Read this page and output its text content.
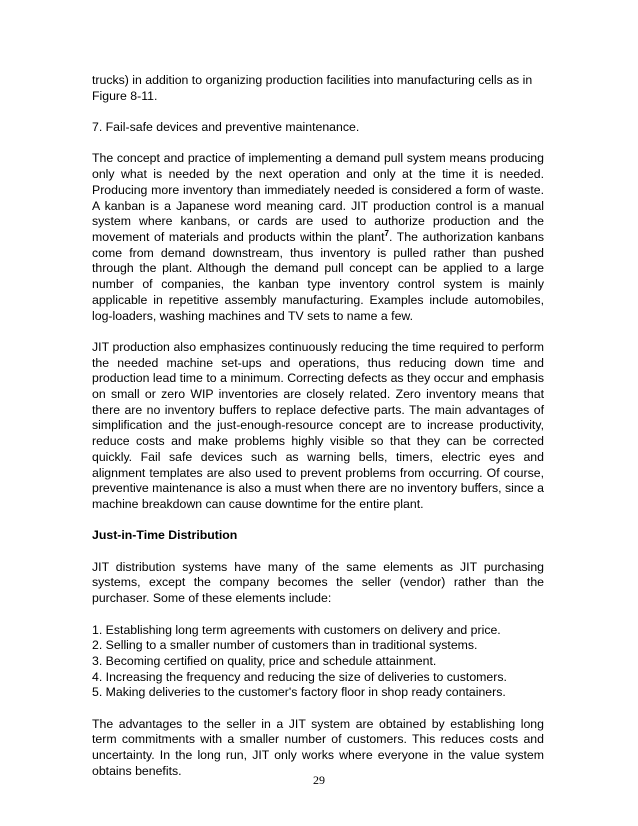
trucks) in addition to organizing production facilities into manufacturing cells as in Figure 8-11.

7. Fail-safe devices and preventive maintenance.

The concept and practice of implementing a demand pull system means producing only what is needed by the next operation and only at the time it is needed. Producing more inventory than immediately needed is considered a form of waste. A kanban is a Japanese word meaning card. JIT production control is a manual system where kanbans, or cards are used to authorize production and the movement of materials and products within the plant$^7$. The authorization kanbans come from demand downstream, thus inventory is pulled rather than pushed through the plant. Although the demand pull concept can be applied to a large number of companies, the kanban type inventory control system is mainly applicable in repetitive assembly manufacturing. Examples include automobiles, log-loaders, washing machines and TV sets to name a few.

JIT production also emphasizes continuously reducing the time required to perform the needed machine set-ups and operations, thus reducing down time and production lead time to a minimum. Correcting defects as they occur and emphasis on small or zero WIP inventories are closely related. Zero inventory means that there are no inventory buffers to replace defective parts. The main advantages of simplification and the just-enough-resource concept are to increase productivity, reduce costs and make problems highly visible so that they can be corrected quickly. Fail safe devices such as warning bells, timers, electric eyes and alignment templates are also used to prevent problems from occurring. Of course, preventive maintenance is also a must when there are no inventory buffers, since a machine breakdown can cause downtime for the entire plant.

Just-in-Time Distribution

JIT distribution systems have many of the same elements as JIT purchasing systems, except the company becomes the seller (vendor) rather than the purchaser. Some of these elements include:

1. Establishing long term agreements with customers on delivery and price.
2. Selling to a smaller number of customers than in traditional systems.
3. Becoming certified on quality, price and schedule attainment.
4. Increasing the frequency and reducing the size of deliveries to customers.
5. Making deliveries to the customer's factory floor in shop ready containers.

The advantages to the seller in a JIT system are obtained by establishing long term commitments with a smaller number of customers. This reduces costs and uncertainty. In the long run, JIT only works where everyone in the value system obtains benefits.

29
